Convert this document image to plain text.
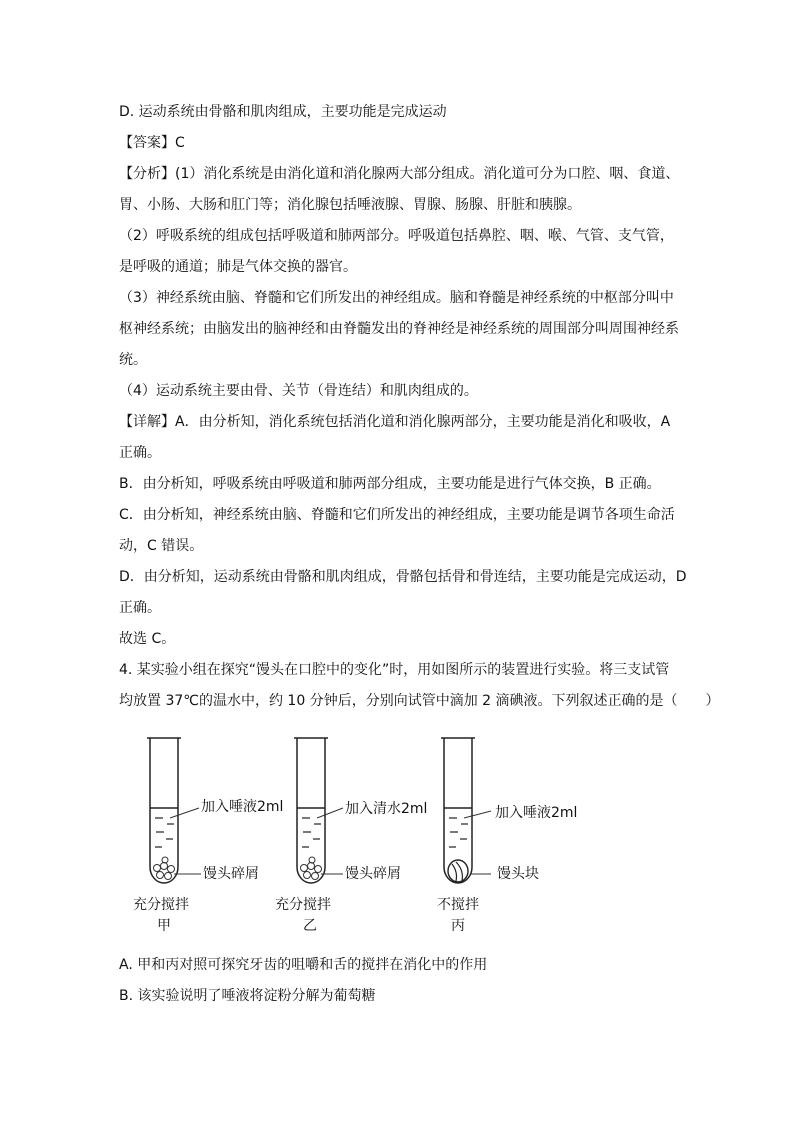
D. 运动系统由骨骼和肌肉组成，主要功能是完成运动
【答案】C
【分析】(1）消化系统是由消化道和消化腺两大部分组成。消化道可分为口腔、咽、食道、
胃、小肠、大肠和肛门等；消化腺包括唾液腺、胃腺、肠腺、肝脏和胰腺。
（2）呼吸系统的组成包括呼吸道和肺两部分。呼吸道包括鼻腔、咽、喉、气管、支气管，
是呼吸的通道；肺是气体交换的器官。
（3）神经系统由脑、脊髓和它们所发出的神经组成。脑和脊髓是神经系统的中枢部分叫中
枢神经系统；由脑发出的脑神经和由脊髓发出的脊神经是神经系统的周围部分叫周围神经系
统。
（4）运动系统主要由骨、关节（骨连结）和肌肉组成的。
【详解】A．由分析知，消化系统包括消化道和消化腺两部分，主要功能是消化和吸收，A
正确。
B．由分析知，呼吸系统由呼吸道和肺两部分组成，主要功能是进行气体交换，B 正确。
C．由分析知，神经系统由脑、脊髓和它们所发出的神经组成，主要功能是调节各项生命活
动，C 错误。
D．由分析知，运动系统由骨骼和肌肉组成，骨骼包括骨和骨连结，主要功能是完成运动，D
正确。
故选 C。
4. 某实验小组在探究“馒头在口腔中的变化”时，用如图所示的装置进行实验。将三支试管
均放置 37℃的温水中，约 10 分钟后，分别向试管中滴加 2 滴碘液。下列叙述正确的是（　　）
加入唾液2ml
馒头碎屑
充分搅拌
甲
加入清水2ml
馒头碎屑
充分搅拌
乙
加入唾液2ml
馒头块
不搅拌
丙
A. 甲和丙对照可探究牙齿的咀嚼和舌的搅拌在消化中的作用
B. 该实验说明了唾液将淀粉分解为葡萄糖
